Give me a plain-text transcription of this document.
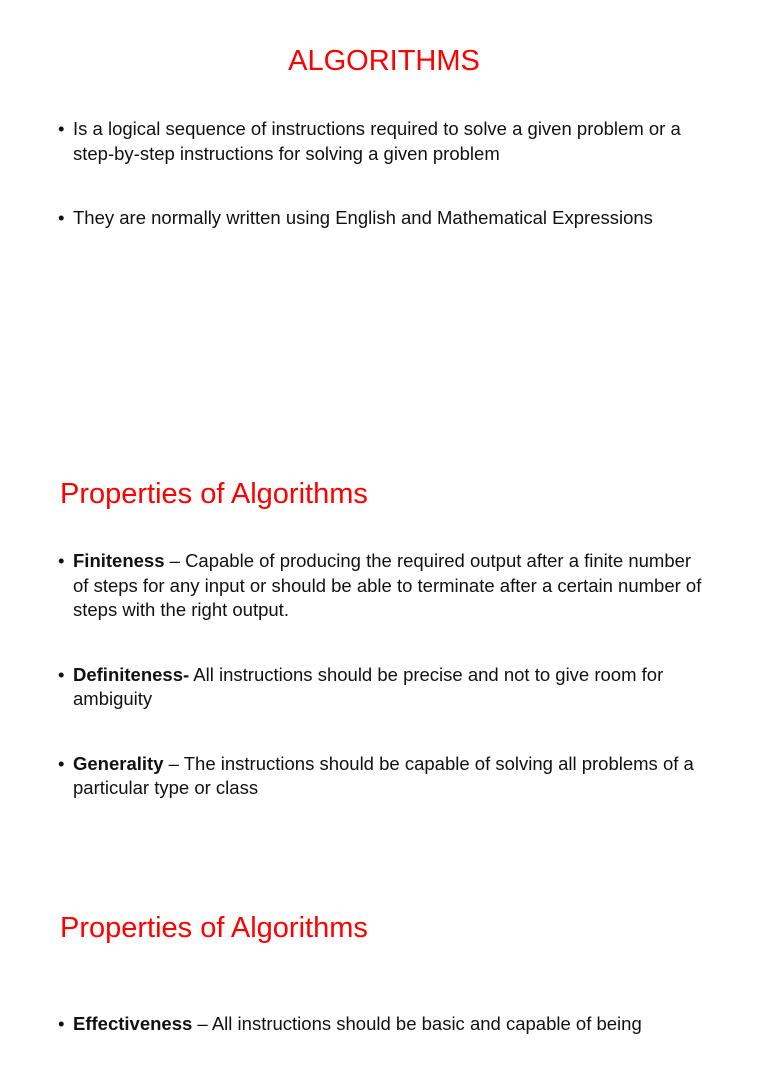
ALGORITHMS
• Is a logical sequence of instructions required to solve a given problem or a step-by-step instructions for solving a given problem
• They are normally written using English and Mathematical Expressions
Properties of Algorithms
• Finiteness – Capable of producing the required output after a finite number of steps for any input or should be able to terminate after a certain number of steps with the right output.
• Definiteness- All instructions should be precise and not to give room for ambiguity
• Generality – The instructions should be capable of solving all problems of a particular type or class
Properties of Algorithms
• Effectiveness – All instructions should be basic and capable of being
